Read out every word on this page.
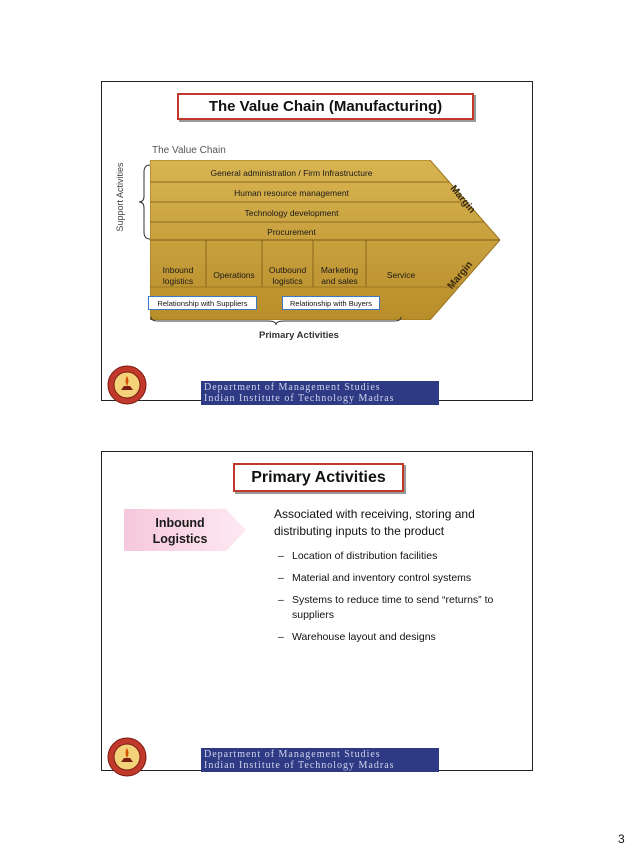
The Value Chain (Manufacturing)
The Value Chain
Support Activities	General administration / Firm Infrastructure
Human resource management
Technology development
Procurement
Inbound logistics
Operations	Outbound logistics
Marketing and sales
Service
Margin
Margin
Relationship with Suppliers	Relationship with Buyers
Primary Activities
Department of Management Studies
Indian Institute of Technology Madras
Primary Activities
Inbound Logistics
Associated with receiving, storing and distributing inputs to the product
– Location of distribution facilities
– Material and inventory control systems
– Systems to reduce time to send “returns” to suppliers
– Warehouse layout and designs
Department of Management Studies
Indian Institute of Technology Madras
3
